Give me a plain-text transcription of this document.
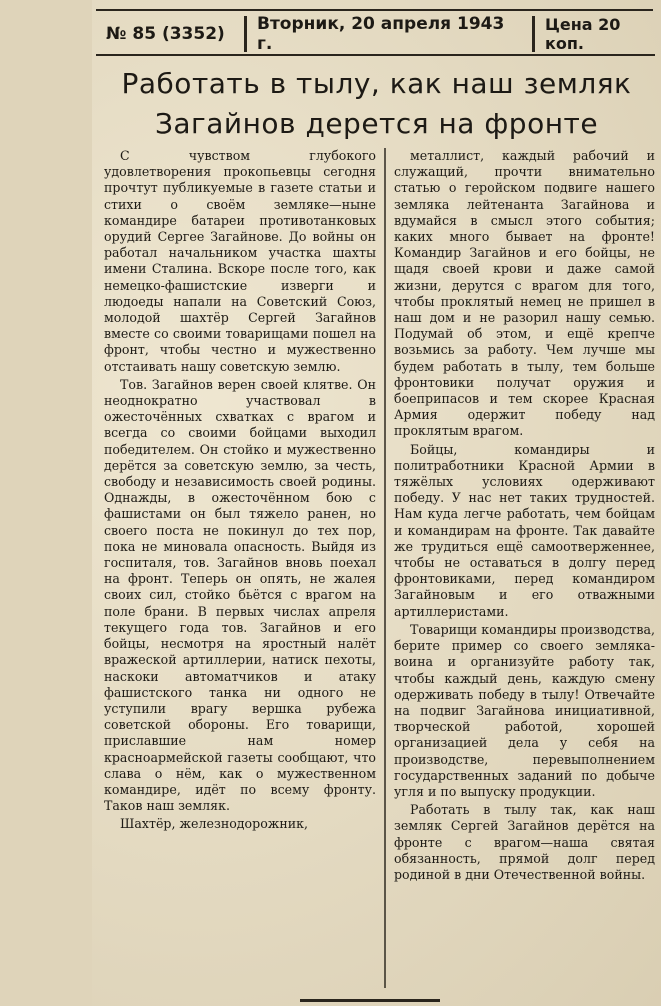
№ 85 (3352)	Вторник, 20 апреля 1943 г.
Цена 20 коп.
Работать в тылу, как наш земляк
Загайнов дерется на фронте

С чувством глубокого удовлетворения прокопьевцы сегодня прочтут публикуемые в газете статьи и стихи о своём земляке—ныне командире батареи противотанковых орудий Сергее Загайнове. До войны он работал начальником участка шахты имени Сталина. Вскоре после того, как немецко-фашистские изверги и людоеды напали на Советский Союз, молодой шахтёр Сергей Загайнов вместе со своими товарищами пошел на фронт, чтобы честно и мужественно отстаивать нашу советскую землю.

Тов. Загайнов верен своей клятве. Он неоднократно участвовал в ожесточённых схватках с врагом и всегда со своими бойцами выходил победителем. Он стойко и мужественно дерётся за советскую землю, за честь, свободу и независимость своей родины. Однажды, в ожесточённом бою с фашистами он был тяжело ранен, но своего поста не покинул до тех пор, пока не миновала опасность. Выйдя из госпиталя, тов. Загайнов вновь поехал на фронт. Теперь он опять, не жалея своих сил, стойко бьётся с врагом на поле брани. В первых числах апреля текущего года тов. Загайнов и его бойцы, несмотря на яростный налёт вражеской артиллерии, натиск пехоты, наскоки автоматчиков и атаку фашистского танка ни одного не уступили врагу вершка рубежа советской обороны. Его товарищи, приславшие нам номер красноармейской газеты сообщают, что слава о нём, как о мужественном командире, идёт по всему фронту. Таков наш земляк.

Шахтёр, железнодорожник,

металлист, каждый рабочий и служащий, прочти внимательно статью о геройском подвиге нашего земляка лейтенанта Загайнова и вдумайся в смысл этого события; каких много бывает на фронте! Командир Загайнов и его бойцы, не щадя своей крови и даже самой жизни, дерутся с врагом для того, чтобы проклятый немец не пришел в наш дом и не разорил нашу семью. Подумай об этом, и ещё крепче возьмись за работу. Чем лучше мы будем работать в тылу, тем больше фронтовики получат оружия и боеприпасов и тем скорее Красная Армия одержит победу над проклятым врагом.

Бойцы, командиры и политработники Красной Армии в тяжёлых условиях одерживают победу. У нас нет таких трудностей. Нам куда легче работать, чем бойцам и командирам на фронте. Так давайте же трудиться ещё самоотверженнее, чтобы не оставаться в долгу перед фронтовиками, перед командиром Загайновым и его отважными артиллеристами.

Товарищи командиры производства, берите пример со своего земляка-воина и организуйте работу так, чтобы каждый день, каждую смену одерживать победу в тылу! Отвечайте на подвиг Загайнова инициативной, творческой работой, хорошей организацией дела у себя на производстве, перевыполнением государственных заданий по добыче угля и по выпуску продукции.

Работать в тылу так, как наш земляк Сергей Загайнов дерётся на фронте с врагом—наша святая обязанность, прямой долг перед родиной в дни Отечественной войны.
